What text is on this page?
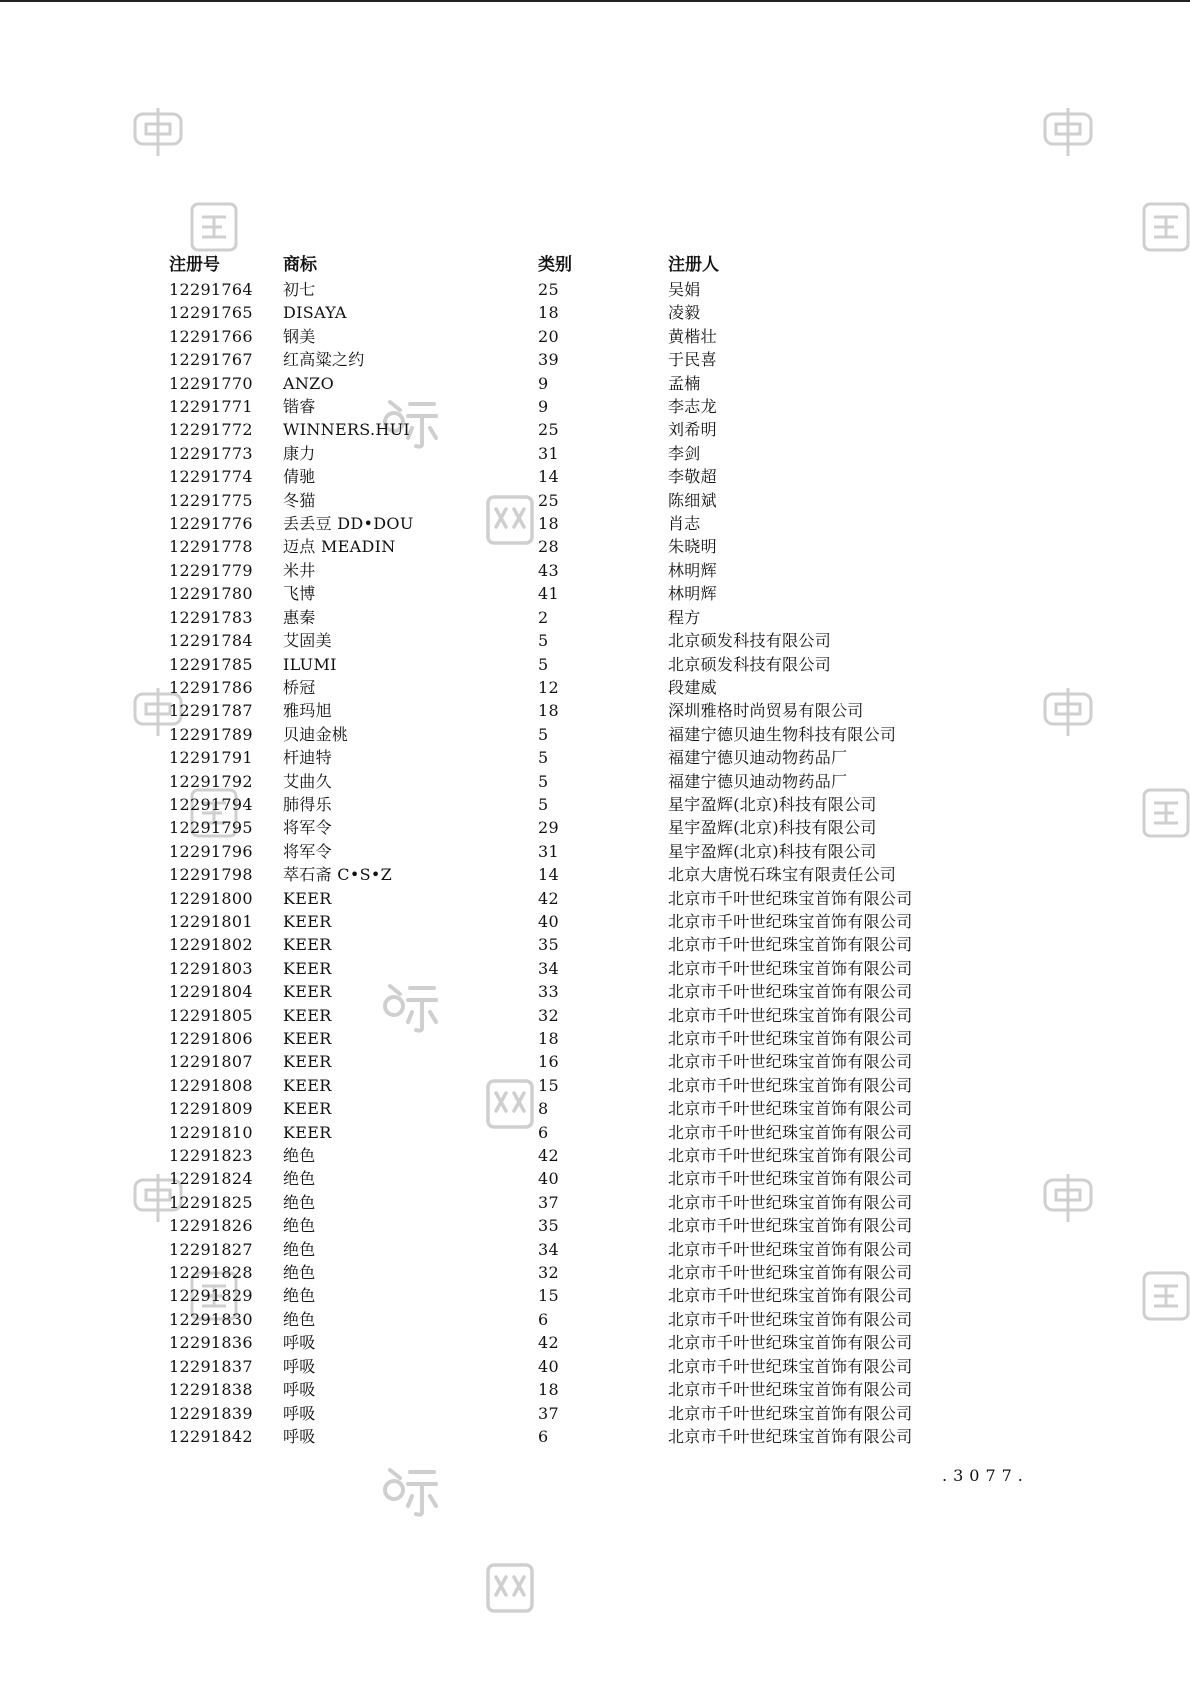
注册号	商标	类别	注册人
12291764	初七	25	吴娟
12291765	DISAYA	18	凌毅
12291766	钢美	20	黄楷壮
12291767	红高粱之约	39	于民喜
12291770	ANZO	9	孟楠
12291771	锴睿	9	李志龙
12291772	WINNERS.HUI	25	刘希明
12291773	康力	31	李剑
12291774	倩驰	14	李敬超
12291775	冬猫	25	陈细斌
12291776	丢丢豆 DD•DOU	18	肖志
12291778	迈点 MEADIN	28	朱晓明
12291779	米井	43	林明辉
12291780	飞博	41	林明辉
12291783	惠秦	2	程方
12291784	艾固美	5	北京硕发科技有限公司
12291785	ILUMI	5	北京硕发科技有限公司
12291786	桥冠	12	段建威
12291787	雅玛旭	18	深圳雅格时尚贸易有限公司
12291789	贝迪金桃	5	福建宁德贝迪生物科技有限公司
12291791	杆迪特	5	福建宁德贝迪动物药品厂
12291792	艾曲久	5	福建宁德贝迪动物药品厂
12291794	肺得乐	5	星宇盈辉(北京)科技有限公司
12291795	将军令	29	星宇盈辉(北京)科技有限公司
12291796	将军令	31	星宇盈辉(北京)科技有限公司
12291798	萃石斋 C•S•Z	14	北京大唐悦石珠宝有限责任公司
12291800	KEER	42	北京市千叶世纪珠宝首饰有限公司
12291801	KEER	40	北京市千叶世纪珠宝首饰有限公司
12291802	KEER	35	北京市千叶世纪珠宝首饰有限公司
12291803	KEER	34	北京市千叶世纪珠宝首饰有限公司
12291804	KEER	33	北京市千叶世纪珠宝首饰有限公司
12291805	KEER	32	北京市千叶世纪珠宝首饰有限公司
12291806	KEER	18	北京市千叶世纪珠宝首饰有限公司
12291807	KEER	16	北京市千叶世纪珠宝首饰有限公司
12291808	KEER	15	北京市千叶世纪珠宝首饰有限公司
12291809	KEER	8	北京市千叶世纪珠宝首饰有限公司
12291810	KEER	6	北京市千叶世纪珠宝首饰有限公司
12291823	绝色	42	北京市千叶世纪珠宝首饰有限公司
12291824	绝色	40	北京市千叶世纪珠宝首饰有限公司
12291825	绝色	37	北京市千叶世纪珠宝首饰有限公司
12291826	绝色	35	北京市千叶世纪珠宝首饰有限公司
12291827	绝色	34	北京市千叶世纪珠宝首饰有限公司
12291828	绝色	32	北京市千叶世纪珠宝首饰有限公司
12291829	绝色	15	北京市千叶世纪珠宝首饰有限公司
12291830	绝色	6	北京市千叶世纪珠宝首饰有限公司
12291836	呼吸	42	北京市千叶世纪珠宝首饰有限公司
12291837	呼吸	40	北京市千叶世纪珠宝首饰有限公司
12291838	呼吸	18	北京市千叶世纪珠宝首饰有限公司
12291839	呼吸	37	北京市千叶世纪珠宝首饰有限公司
12291842	呼吸	6	北京市千叶世纪珠宝首饰有限公司
.3077.
